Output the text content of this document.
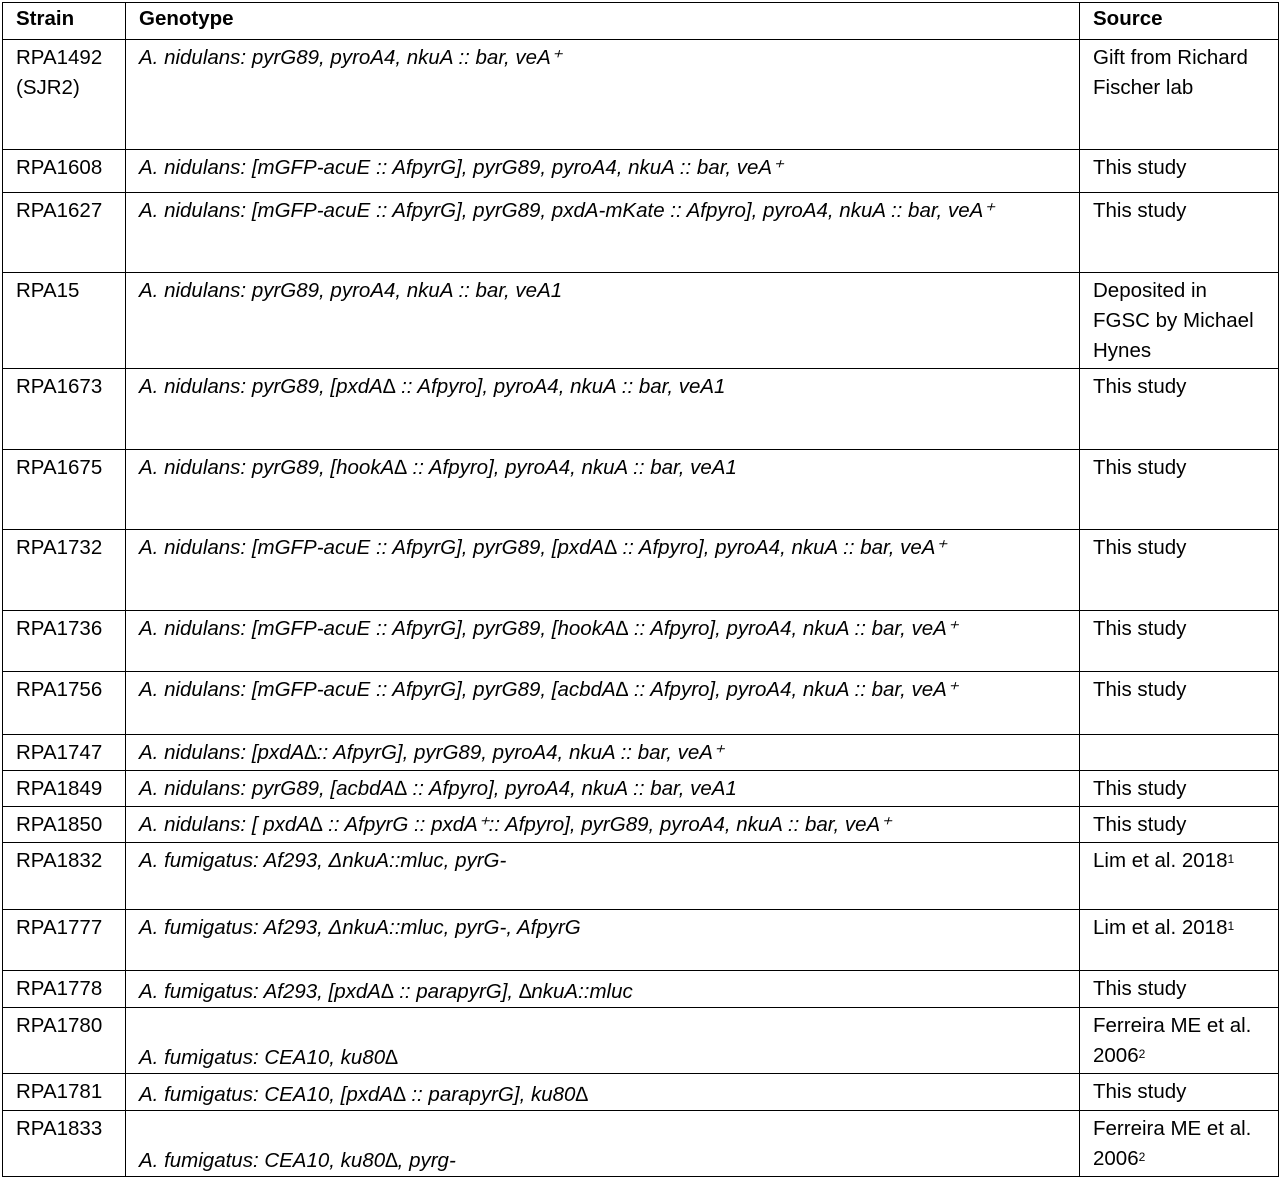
Strain	Genotype	Source
RPA1492 (SJR2)	A. nidulans: pyrG89, pyroA4, nkuA :: bar, veA⁺	Gift from Richard Fischer lab
RPA1608	A. nidulans: [mGFP-acuE :: AfpyrG], pyrG89, pyroA4, nkuA :: bar, veA⁺	This study
RPA1627	A. nidulans: [mGFP-acuE :: AfpyrG], pyrG89, pxdA-mKate :: Afpyro], pyroA4, nkuA :: bar, veA⁺	This study
RPA15	A. nidulans: pyrG89, pyroA4, nkuA :: bar, veA1	Deposited in FGSC by Michael Hynes
RPA1673	A. nidulans: pyrG89, [pxdA∆ :: Afpyro], pyroA4, nkuA :: bar, veA1	This study
RPA1675	A. nidulans: pyrG89, [hookA∆ :: Afpyro], pyroA4, nkuA :: bar, veA1	This study
RPA1732	A. nidulans: [mGFP-acuE :: AfpyrG], pyrG89, [pxdA∆ :: Afpyro], pyroA4, nkuA :: bar, veA⁺	This study
RPA1736	A. nidulans: [mGFP-acuE :: AfpyrG], pyrG89, [hookA∆ :: Afpyro], pyroA4, nkuA :: bar, veA⁺	This study
RPA1756	A. nidulans: [mGFP-acuE :: AfpyrG], pyrG89, [acbdA∆ :: Afpyro], pyroA4, nkuA :: bar, veA⁺	This study
RPA1747	A. nidulans: [pxdA∆:: AfpyrG], pyrG89, pyroA4, nkuA :: bar, veA⁺	
RPA1849	A. nidulans: pyrG89, [acbdA∆ :: Afpyro], pyroA4, nkuA :: bar, veA1	This study
RPA1850	A. nidulans: [ pxdA∆ :: AfpyrG :: pxdA⁺:: Afpyro], pyrG89, pyroA4, nkuA :: bar, veA⁺	This study
RPA1832	A. fumigatus: Af293, ΔnkuA::mluc, pyrG-	Lim et al. 2018$^1$
RPA1777	A. fumigatus: Af293, ΔnkuA::mluc, pyrG-, AfpyrG	Lim et al. 2018$^1$
RPA1778	A. fumigatus: Af293, [pxdA∆ :: parapyrG], ∆nkuA::mluc	This study
RPA1780	A. fumigatus: CEA10, ku80∆	Ferreira ME et al. 2006$^2$
RPA1781	A. fumigatus: CEA10, [pxdA∆ :: parapyrG], ku80∆	This study
RPA1833	A. fumigatus: CEA10, ku80∆, pyrg-	Ferreira ME et al. 2006$^2$
